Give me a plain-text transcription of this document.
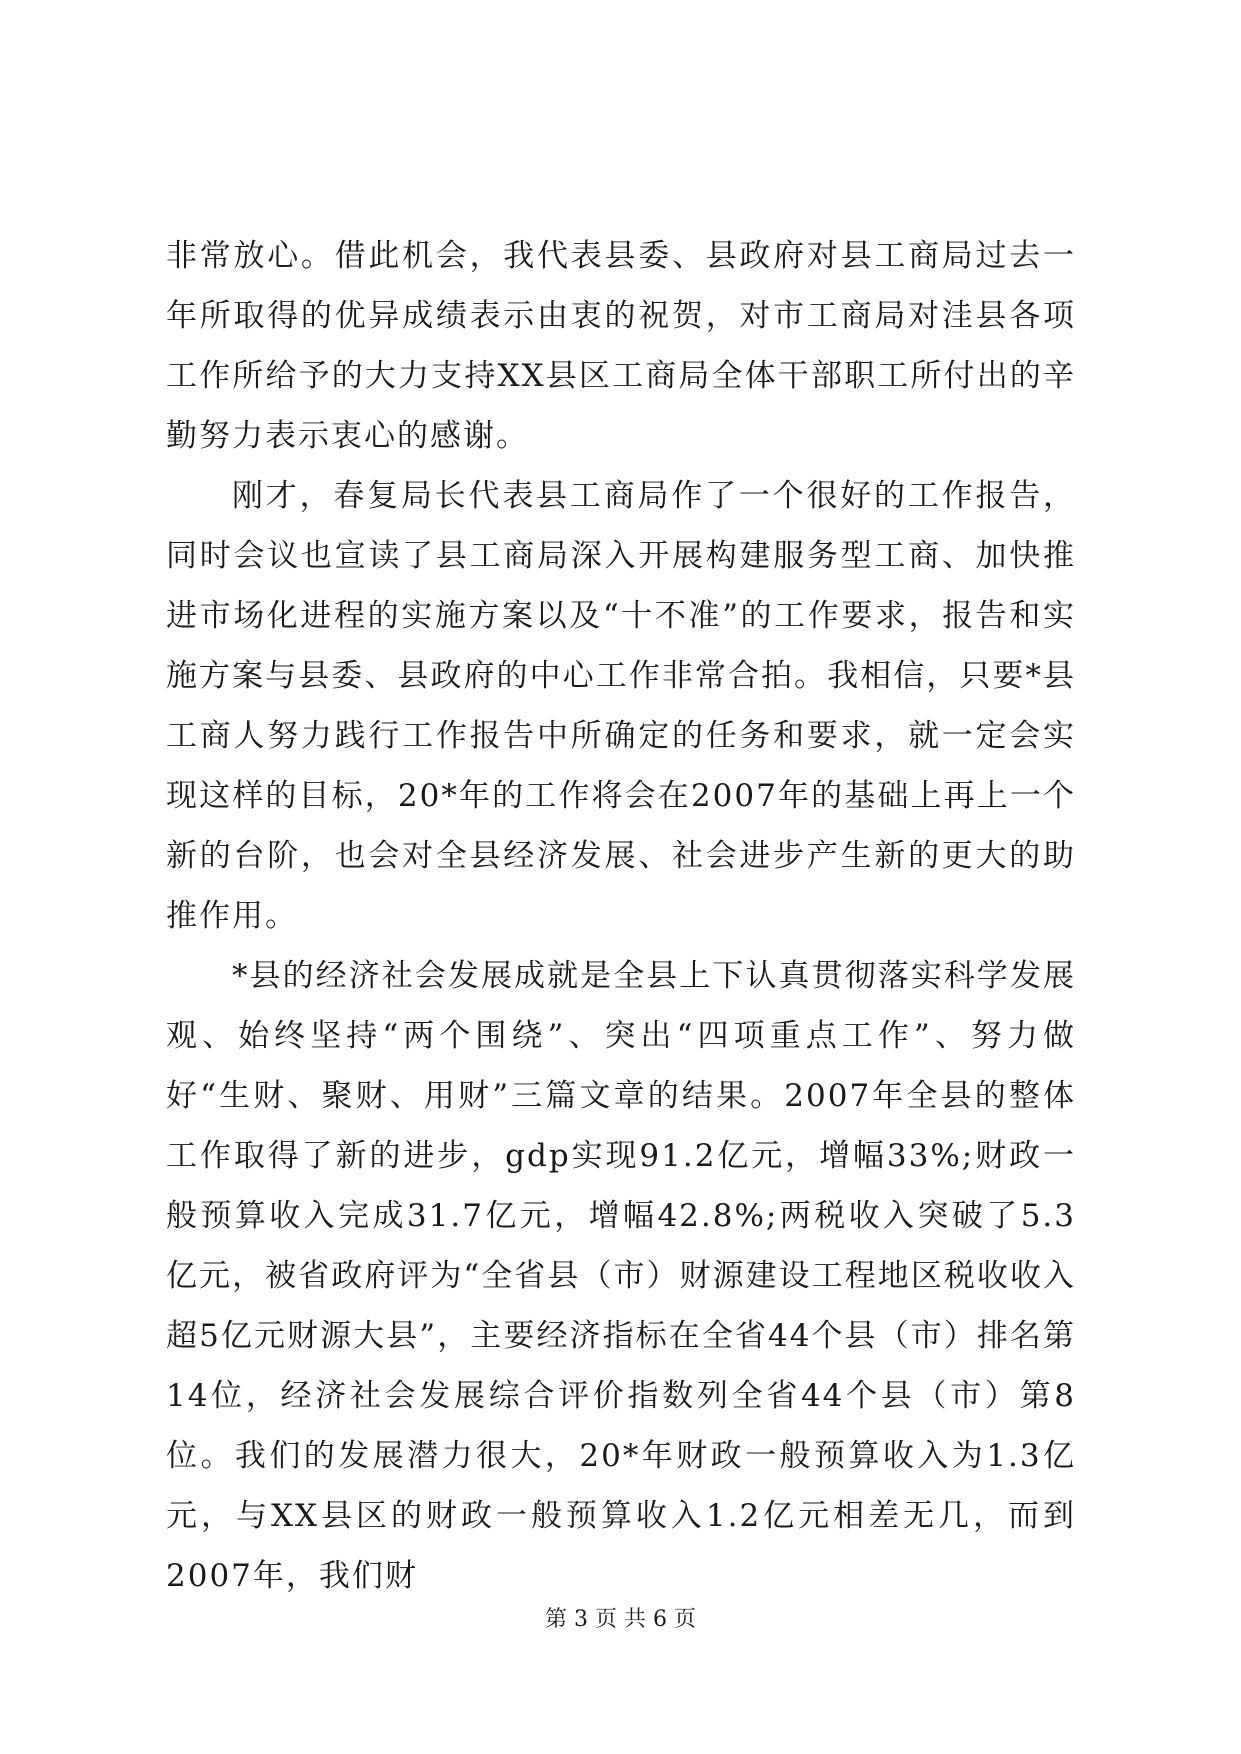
非常放心。借此机会，我代表县委、县政府对县工商局过去一年所取得的优异成绩表示由衷的祝贺，对市工商局对洼县各项工作所给予的大力支持XX县区工商局全体干部职工所付出的辛勤努力表示衷心的感谢。

刚才，春复局长代表县工商局作了一个很好的工作报告，同时会议也宣读了县工商局深入开展构建服务型工商、加快推进市场化进程的实施方案以及“十不准”的工作要求，报告和实施方案与县委、县政府的中心工作非常合拍。我相信，只要*县工商人努力践行工作报告中所确定的任务和要求，就一定会实现这样的目标，20*年的工作将会在2007年的基础上再上一个新的台阶，也会对全县经济发展、社会进步产生新的更大的助推作用。

*县的经济社会发展成就是全县上下认真贯彻落实科学发展观、始终坚持“两个围绕”、突出“四项重点工作”、努力做好“生财、聚财、用财”三篇文章的结果。2007年全县的整体工作取得了新的进步，gdp实现91.2亿元，增幅33%;财政一般预算收入完成31.7亿元，增幅42.8%;两税收入突破了5.3亿元，被省政府评为“全省县（市）财源建设工程地区税收收入超5亿元财源大县”，主要经济指标在全省44个县（市）排名第14位，经济社会发展综合评价指数列全省44个县（市）第8位。我们的发展潜力很大，20*年财政一般预算收入为1.3亿元，与XX县区的财政一般预算收入1.2亿元相差无几，而到2007年，我们财

第 3 页 共 6 页
